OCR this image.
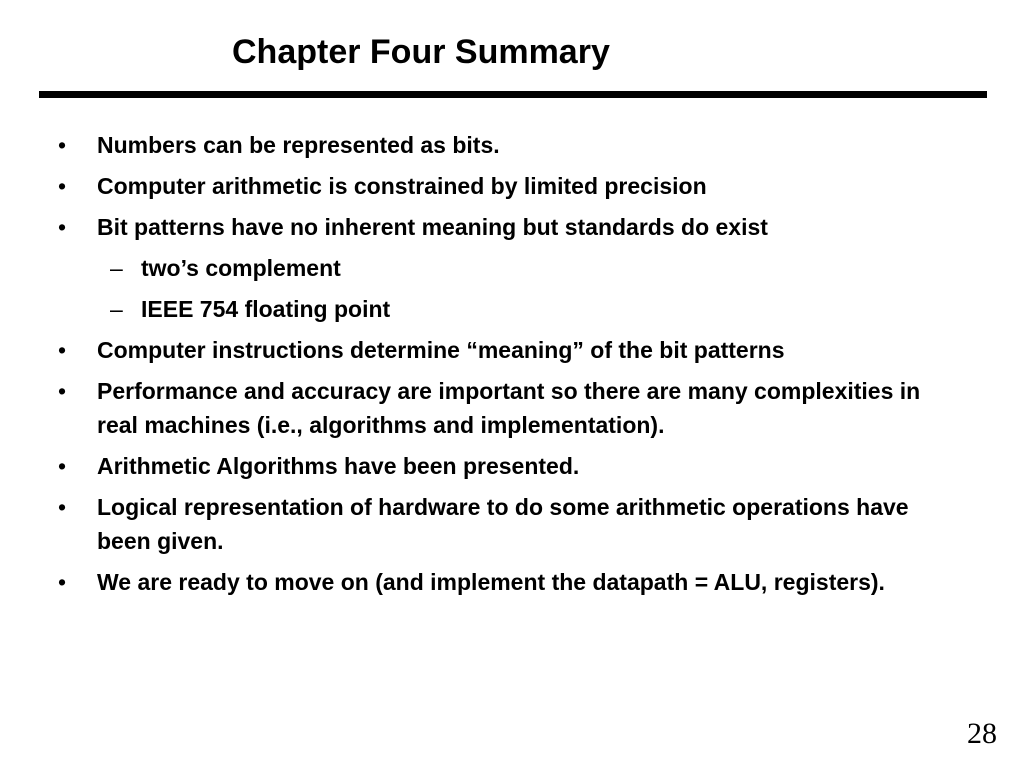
Chapter Four Summary
• Numbers can be represented as bits.
• Computer arithmetic is constrained by limited precision
• Bit patterns have no inherent meaning but standards do exist
– two’s complement
– IEEE 754 floating point
• Computer instructions determine “meaning” of the bit patterns
• Performance and accuracy are important so there are many complexities in real machines (i.e., algorithms and implementation).
• Arithmetic Algorithms have been presented.
• Logical representation of hardware to do some arithmetic operations have been given.
• We are ready to move on (and implement the datapath = ALU, registers).
28
